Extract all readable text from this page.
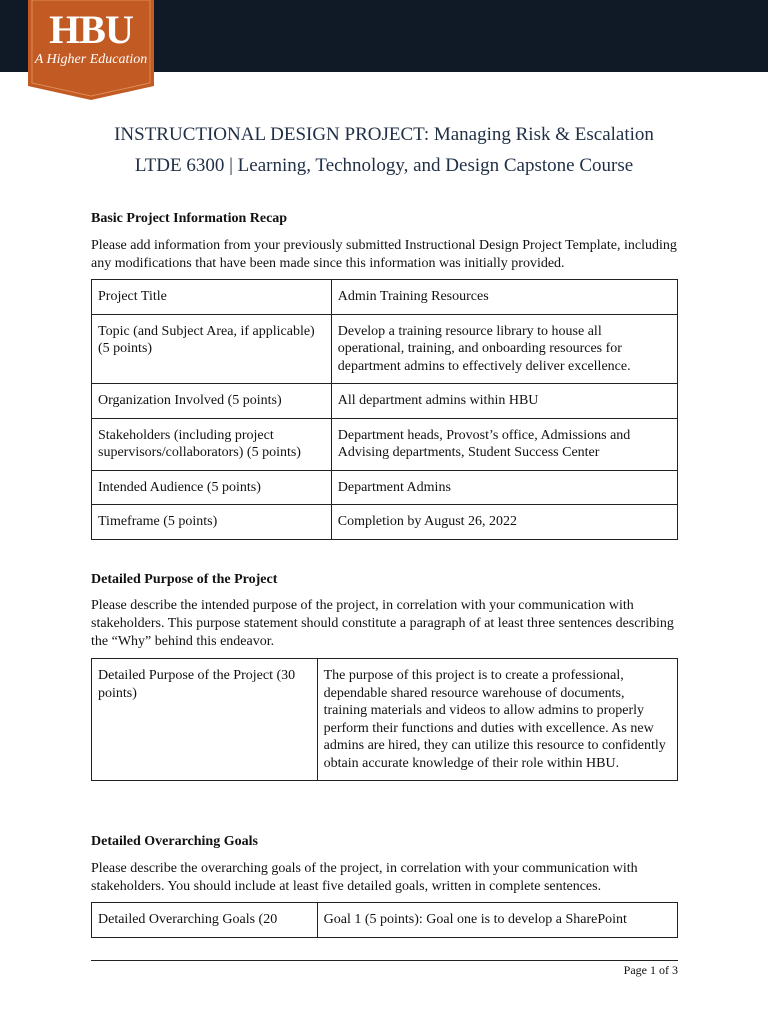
HBU
A Higher Education
INSTRUCTIONAL DESIGN PROJECT: Managing Risk & Escalation
LTDE 6300 | Learning, Technology, and Design Capstone Course
Basic Project Information Recap
Please add information from your previously submitted Instructional Design Project Template, including any modifications that have been made since this information was initially provided.
Project Title	Admin Training Resources
Topic (and Subject Area, if applicable) (5 points)	Develop a training resource library to house all operational, training, and onboarding resources for department admins to effectively deliver excellence.
Organization Involved (5 points)	All department admins within HBU
Stakeholders (including project supervisors/collaborators) (5 points)	Department heads, Provost’s office, Admissions and Advising departments, Student Success Center
Intended Audience (5 points)	Department Admins
Timeframe (5 points)	Completion by August 26, 2022
Detailed Purpose of the Project
Please describe the intended purpose of the project, in correlation with your communication with stakeholders. This purpose statement should constitute a paragraph of at least three sentences describing the “Why” behind this endeavor.
Detailed Purpose of the Project (30 points)	The purpose of this project is to create a professional, dependable shared resource warehouse of documents, training materials and videos to allow admins to properly perform their functions and duties with excellence. As new admins are hired, they can utilize this resource to confidently obtain accurate knowledge of their role within HBU.
Detailed Overarching Goals
Please describe the overarching goals of the project, in correlation with your communication with stakeholders. You should include at least five detailed goals, written in complete sentences.
Detailed Overarching Goals (20	Goal 1 (5 points): Goal one is to develop a SharePoint
Page 1 of 3
